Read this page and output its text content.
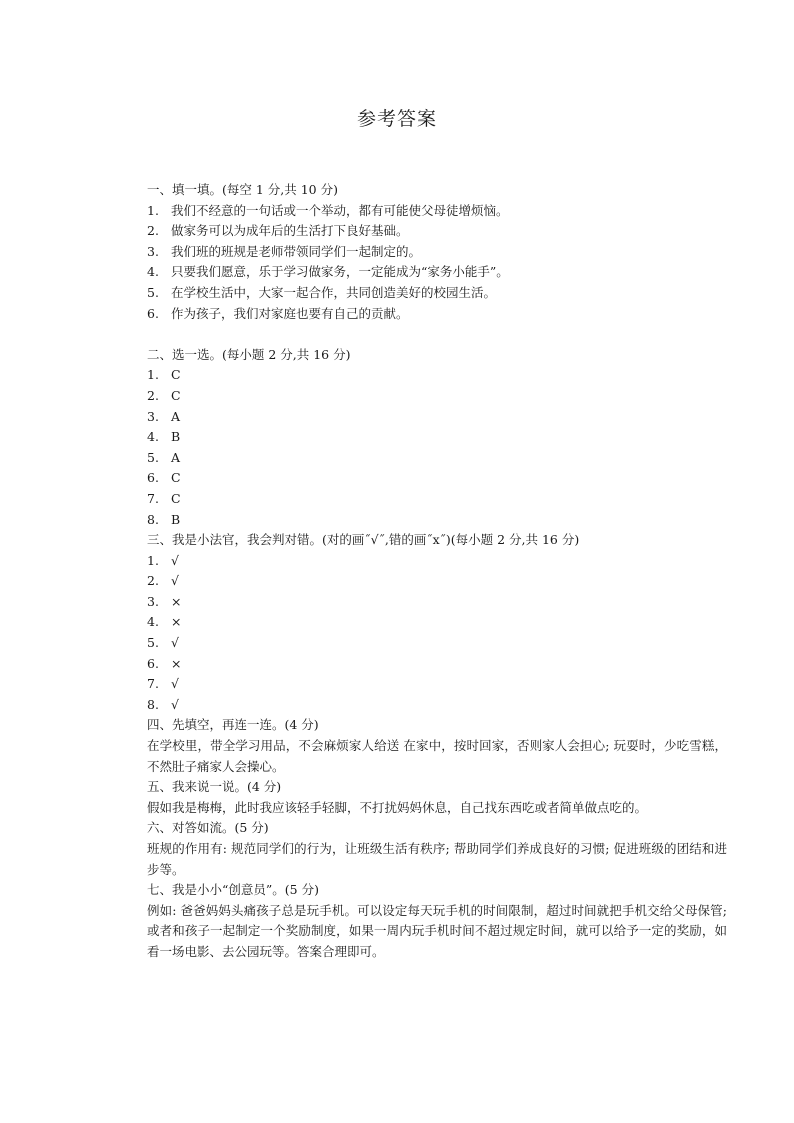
参考答案
一、填一填。(每空 1 分,共 10 分)
1. 我们不经意的一句话或一个举动，都有可能使父母徒增烦恼。
2. 做家务可以为成年后的生活打下良好基础。
3. 我们班的班规是老师带领同学们一起制定的。
4. 只要我们愿意，乐于学习做家务，一定能成为“家务小能手”。
5. 在学校生活中，大家一起合作，共同创造美好的校园生活。
6. 作为孩子，我们对家庭也要有自己的贡献。
二、选一选。(每小题 2 分,共 16 分)
1. C
2. C
3. A
4. B
5. A
6. C
7. C
8. B
三、我是小法官，我会判对错。(对的画˝√˝,错的画˝x˝)(每小题 2 分,共 16 分)
1. √
2. √
3. ×
4. ×
5. √
6. ×
7. √
8. √
四、先填空，再连一连。(4 分)
在学校里，带全学习用品，不会麻烦家人给送 在家中，按时回家，否则家人会担心; 玩耍时，少吃雪糕，不然肚子痛家人会操心。
五、我来说一说。(4 分)
假如我是梅梅，此时我应该轻手轻脚，不打扰妈妈休息，自己找东西吃或者简单做点吃的。
六、对答如流。(5 分)
班规的作用有: 规范同学们的行为，让班级生活有秩序; 帮助同学们养成良好的习惯; 促进班级的团结和进步等。
七、我是小小“创意员”。(5 分)
例如: 爸爸妈妈头痛孩子总是玩手机。可以设定每天玩手机的时间限制，超过时间就把手机交给父母保管; 或者和孩子一起制定一个奖励制度，如果一周内玩手机时间不超过规定时间，就可以给予一定的奖励，如看一场电影、去公园玩等。答案合理即可。
